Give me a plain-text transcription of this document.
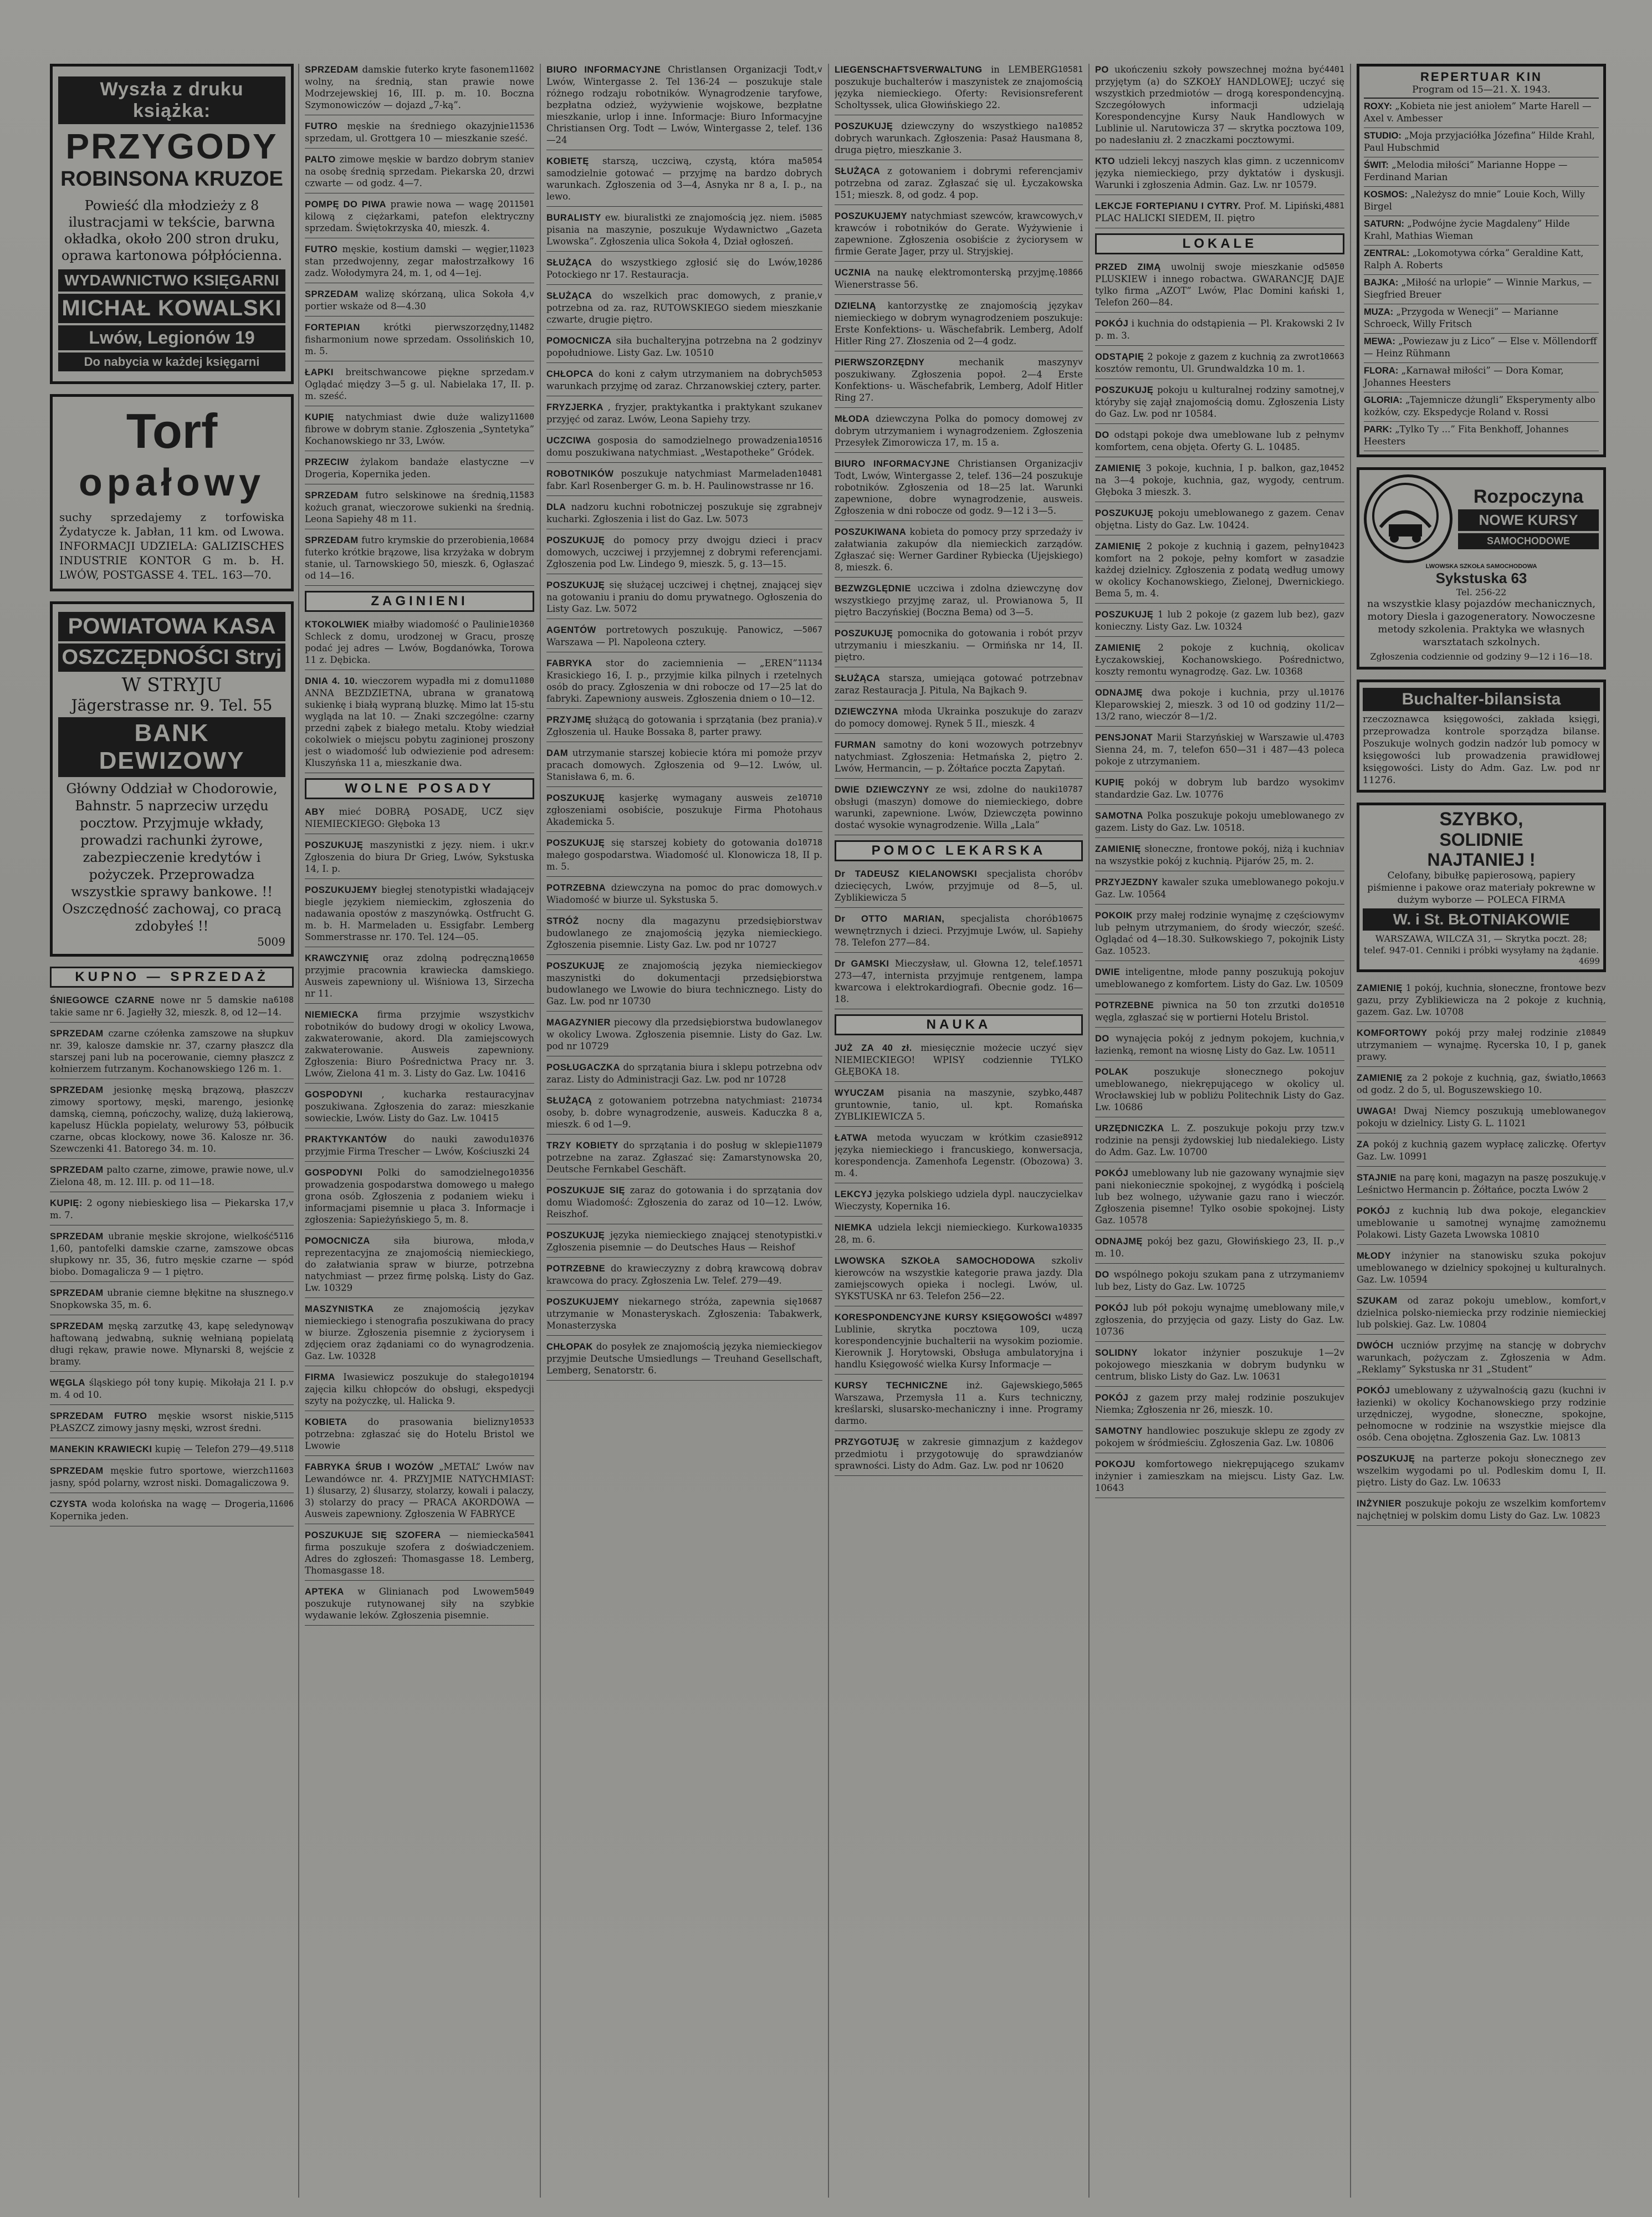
Wyszła z druku książka:
PRZYGODY
ROBINSONA KRUZOE
Powieść dla młodzieży z 8 ilustracjami w tekście, barwna okładka, około 200 stron druku, oprawa kartonowa półpłócienna.
WYDAWNICTWO KSIĘGARNI
MICHAŁ KOWALSKI
Lwów, Legionów 19
Do nabycia w każdej księgarni
Torf
opałowy
suchy sprzedajemy z torfowiska Żydatycze k. Jabłan, 11 km. od Lwowa. INFORMACJI UDZIELA: GALIZISCHES INDUSTRIE KONTOR G m. b. H. LWÓW, POSTGASSE 4. TEL. 163—70.
POWIATOWA KASA
OSZCZĘDNOŚCI Stryj
W STRYJU
Jägerstrasse nr. 9. Tel. 55
BANK DEWIZOWY
Główny Oddział w Chodorowie, Bahnstr. 5 naprzeciw urzędu pocztow. Przyjmuje wkłady, prowadzi rachunki żyrowe, zabezpieczenie kredytów i pożyczek. Przeprowadza wszystkie sprawy bankowe. !! Oszczędność zachowaj, co pracą zdobyłeś !!
5009
KUPNO — SPRZEDAŻ
6108
ŚNIEGOWCE CZARNE nowe nr 5 damskie na takie same nr 6. Jagiełły 32, mieszk. 8, od 12—14.
v
SPRZEDAM czarne czółenka zamszowe na słupku nr. 39, kalosze damskie nr. 37, czarny płaszcz dla starszej pani lub na pocerowanie, ciemny płaszcz z kołnierzem futrzanym. Kochanowskiego 126 m. 1.
v
SPRZEDAM jesionkę męską brązową, płaszcz zimowy sportowy, męski, marengo, jesionkę damską, ciemną, pończochy, walizę, dużą lakierową, kapelusz Hückla popielaty, welurowy 53, półbucik czarne, obcas klockowy, nowe 36. Kalosze nr. 36. Szewczenki 41. Batorego 34. m. 10.
v
SPRZEDAM palto czarne, zimowe, prawie nowe, ul. Zielona 48, m. 12. III. p. od 11—18.
v
KUPIĘ: 2 ogony niebieskiego lisa — Piekarska 17, m. 7.
5116
SPRZEDAM ubranie męskie skrojone, wielkość 1,60, pantofelki damskie czarne, zamszowe obcas słupkowy nr. 35, 36, futro męskie czarne — spód biobo. Domagalicza 9 — 1 piętro.
v
SPRZEDAM ubranie ciemne błękitne na słusznego. Snopkowska 35, m. 6.
v
SPRZEDAM męską zarzutkę 43, kapę seledynową haftowaną jedwabną, suknię wełnianą popielatą długi rękaw, prawie nowe. Młynarski 8, wejście z bramy.
v
WĘGLA śląskiego pół tony kupię. Mikołaja 21 I. p. m. 4 od 10.
5115
SPRZEDAM FUTRO męskie wsorst niskie, PŁASZCZ zimowy jasny męski, wzrost średni.
5118
MANEKIN KRAWIECKI kupię — Telefon 279—49.
11603
SPRZEDAM męskie futro sportowe, wierzch jasny, spód polarny, wzrost niski. Domagaliczowa 9.
11606
CZYSTA woda kolońska na wagę — Drogeria, Kopernika jeden.
11602
SPRZEDAM damskie futerko kryte fasonem wolny, na średnią, stan prawie nowe Modrzejewskiej 16, III. p. m. 10. Boczna Szymonowiczów — dojazd „7-ką”.
11536
FUTRO męskie na średniego okazyjnie sprzedam, ul. Grottgera 10 — mieszkanie sześć.
v
PALTO zimowe męskie w bardzo dobrym stanie na osobę średnią sprzedam. Piekarska 20, drzwi czwarte — od godz. 4—7.
11501
POMPĘ DO PIWA prawie nowa — wagę 20 kilową z ciężarkami, patefon elektryczny sprzedam. Świętokrzyska 40, mieszk. 4.
11023
FUTRO męskie, kostium damski — węgier, stan przedwojenny, zegar małostrzałkowy 16 zadz. Wołodymyra 24, m. 1, od 4—1ej.
v
SPRZEDAM walizę skórzaną, ulica Sokoła 4, portier wskaże od 8—4.30
11482
FORTEPIAN	krótki pierwszorzędny, fisharmonium nowe sprzedam. Ossolińskich 10, m. 5.
v
ŁAPKI breitschwancowe piękne sprzedam. Oglądać między 3—5 g. ul. Nabielaka 17, II. p. m. sześć.
11600
KUPIĘ natychmiast dwie duże walizy fibrowe w dobrym stanie. Zgłoszenia „Syntetyka” Kochanowskiego nr 33, Lwów.
v
PRZECIW żylakom bandaże elastyczne — Drogeria, Kopernika jeden.
11583
SPRZEDAM futro selskinowe na średnią, kożuch granat, wieczorowe sukienki na średnią. Leona Sapiehy 48 m 11.
10684
SPRZEDAM futro krymskie do przerobienia, futerko krótkie brązowe, lisa krzyżaka w dobrym stanie, ul. Tarnowskiego 50, mieszk. 6, Ogłaszać od 14—16.
ZAGINIENI
10360
KTOKOLWIEK miałby wiadomość o Paulinie Schleck z domu, urodzonej w Gracu, proszę podać jej adres — Lwów, Bogdanówka, Torowa 11 z. Dębicka.
11080
DNIA 4. 10. wieczorem wypadła mi z domu ANNA BEZDZIETNA, ubrana w granatową sukienkę i białą wypraną bluzkę. Mimo lat 15-stu wygląda na lat 10. — Znaki szczególne: czarny przedni ząbek z białego metalu. Ktoby wiedział cokolwiek o miejscu pobytu zaginionej proszony jest o wiadomość lub odwiezienie pod adresem: Kluszyńska 11 a, mieszkanie dwa.
WOLNE POSADY
v
ABY mieć DOBRĄ POSADĘ, UCZ się NIEMIECKIEGO: Głęboka 13
v
POSZUKUJĘ maszynistki z języ. niem. i ukr. Zgłoszenia do biura Dr Grieg, Lwów, Sykstuska 14, I. p.
v
POSZUKUJEMY biegłej stenotypistki władającej biegle językiem niemieckim, zgłoszenia do nadawania opostów z maszynówką. Ostfrucht G. m. b. H. Marmeladen u. Essigfabr. Lemberg Sommerstrasse nr. 170. Tel. 124—05.
10650
KRAWCZYNIĘ oraz zdolną podręczną przyjmie pracownia krawiecka damskiego. Ausweis zapewniony ul. Wiśniowa 13, Sirzecha nr 11.
v
NIEMIECKA firma przyjmie wszystkich robotników do budowy drogi w okolicy Lwowa, zakwaterowanie, akord. Dla zamiejscowych zakwaterowanie. Ausweis zapewniony. Zgłoszenia: Biuro Pośrednictwa Pracy nr. 3. Lwów, Zielona 41 m. 3. Listy do Gaz. Lw. 10416
v
GOSPODYNI , kucharka restauracyjna poszukiwana. Zgłoszenia do zaraz: mieszkanie sowieckie, Lwów. Listy do Gaz. Lw. 10415
10376
PRAKTYKANTÓW do nauki zawodu przyjmie Firma Trescher — Lwów, Kościuszki 24
10356
GOSPODYNI Polki do samodzielnego prowadzenia gospodarstwa domowego u małego grona osób. Zgłoszenia z podaniem wieku i informacjami pisemnie u płaca 3. Informacje i zgłoszenia: Sapieżyńskiego 5, m. 8.
v
POMOCNICZA	siła biurowa, młoda, reprezentacyjna ze znajomością niemieckiego, do załatwiania spraw w biurze, potrzebna natychmiast — przez firmę polską. Listy do Gaz. Lw. 10329
v
MASZYNISTKA ze znajomością języka niemieckiego i stenografia poszukiwana do pracy w biurze. Zgłoszenia pisemnie z życiorysem i zdjęciem oraz żądaniami co do wynagrodzenia. Gaz. Lw. 10328
10194
FIRMA Iwasiewicz poszukuje do stałego zajęcia kilku chłopców do obsługi, ekspedycji szyty na pożyczkę, ul. Halicka 9.
10533
KOBIETA do prasowania bielizny potrzebna: zgłaszać się do Hotelu Bristol we Lwowie
v
FABRYKA ŚRUB I WOZÓW „METAL” Lwów na Lewandówce nr. 4. PRZYJMIE NATYCHMIAST: 1) ślusarzy, 2) ślusarzy, stolarzy, kowali i palaczy, 3) stolarzy do pracy — PRACA AKORDOWA — Ausweis zapewniony. Zgłoszenia W FABRYCE
5041
POSZUKUJE SIĘ SZOFERA — niemiecka firma poszukuje szofera z doświadczeniem. Adres do zgłoszeń: Thomasgasse 18. Lemberg, Thomasgasse 18.
5049
APTEKA w Glinianach pod Lwowem poszukuje rutynowanej siły na szybkie wydawanie leków. Zgłoszenia pisemnie.
v
BIURO INFORMACYJNE Christlansen Organizacji Todt, Lwów, Wintergasse 2. Tel 136-24 — poszukuje stale różnego rodzaju robotników. Wynagrodzenie taryfowe, bezpłatna odzież, wyżywienie wojskowe, bezpłatne mieszkanie, urlop i inne. Informacje: Biuro Informacyjne Christiansen Org. Todt — Lwów, Wintergasse 2, telef. 136—24
5054
KOBIETĘ starszą, uczciwą, czystą, która ma samodzielnie gotować — przyjmę na bardzo dobrych warunkach. Zgłoszenia od 3—4, Asnyka nr 8 a, I. p., na lewo.
5085
BURALISTY ew. biuralistki ze znajomością jęz. niem. i pisania na maszynie, poszukuje Wydawnictwo „Gazeta Lwowska”. Zgłoszenia ulica Sokoła 4, Dział ogłoszeń.
10286
SŁUŻĄCA do wszystkiego zgłosić się do Lwów, Potockiego nr 17. Restauracja.
v
SŁUŻĄCA do wszelkich prac domowych, z pranie, potrzebna od za. raz, RUTOWSKIEGO siedem mieszkanie czwarte, drugie piętro.
v
POMOCNICZA siła buchalteryjna potrzebna na 2 godziny popołudniowe. Listy Gaz. Lw. 10510
5053
CHŁOPCA do koni z całym utrzymaniem na dobrych warunkach przyjmę od zaraz. Chrzanowskiej cztery, parter.
v
FRYZJERKA , fryzjer, praktykantka i praktykant szukane przyjęć od zaraz. Lwów, Leona Sapiehy trzy.
10516
UCZCIWA gosposia do samodzielnego prowadzenia domu poszukiwana natychmiast. „Westapotheke” Gródek.
10481
ROBOTNIKÓW poszukuje natychmiast Marmeladen fabr. Karl Rosenberger G. m. b. H. Paulinowstrasse nr 16.
v
DLA nadzoru kuchni robotniczej poszukuje się zgrabnej kucharki. Zgłoszenia i list do Gaz. Lw. 5073
v
POSZUKUJĘ do pomocy przy dwojgu dzieci i prac domowych, uczciwej i przyjemnej z dobrymi referencjami. Zgłoszenia pod Lw. Lindego 9, mieszk. 5, g. 13—15.
v
POSZUKUJĘ się służącej uczciwej i chętnej, znającej się na gotowaniu i praniu do domu prywatnego. Ogłoszenia do Listy Gaz. Lw. 5072
5067
AGENTÓW portretowych poszukuję. Panowicz, — Warszawa — Pl. Napoleona cztery.
11134
FABRYKA stor do zaciemnienia — „EREN” Krasickiego 16, I. p., przyjmie kilka pilnych i rzetelnych osób do pracy. Zgłoszenia w dni robocze od 17—25 lat do fabryki. Zapewniony ausweis. Zgłoszenia dniem o 10—12.
v
PRZYJMĘ służącą do gotowania i sprzątania (bez prania). Zgłoszenia ul. Hauke Bossaka 8, parter prawy.
v
DAM utrzymanie starszej kobiecie która mi pomoże przy pracach domowych. Zgłoszenia od 9—12. Lwów, ul. Stanisława 6, m. 6.
10710
POSZUKUJĘ kasjerkę wymagany ausweis ze zgłoszeniami osobiście, poszukuje Firma Photohaus Akademicka 5.
10718
POSZUKUJĘ się starszej kobiety do gotowania do małego gospodarstwa. Wiadomość ul. Klonowicza 18, II p. m. 5.
v
POTRZEBNA dziewczyna na pomoc do prac domowych. Wiadomość w biurze ul. Sykstuska 5.
v
STRÓŻ nocny dla magazynu przedsiębiorstwa budowlanego ze znajomością języka niemieckiego. Zgłoszenia pisemnie. Listy Gaz. Lw. pod nr 10727
v
POSZUKUJĘ ze znajomością języka niemieckiego maszynistki do dokumentacji przedsiębiorstwa budowlanego we Lwowie do biura technicznego. Listy do Gaz. Lw. pod nr 10730
v
MAGAZYNIER piecowy dla przedsiębiorstwa budowlanego w okolicy Lwowa. Zgłoszenia pisemnie. Listy do Gaz. Lw. pod nr 10729
v
POSŁUGACZKA do sprzątania biura i sklepu potrzebna od zaraz. Listy do Administracji Gaz. Lw. pod nr 10728
10734
SŁUŻĄCĄ z gotowaniem potrzebna natychmiast: 2 osoby, b. dobre wynagrodzenie, ausweis. Kaduczka 8 a, mieszk. 6 od 1—9.
11079
TRZY KOBIETY do sprzątania i do posług w sklepie potrzebne na zaraz. Zgłaszać się: Zamarstynowska 20, Deutsche Fernkabel Geschäft.
v
POSZUKUJE SIĘ zaraz do gotowania i do sprzątania do domu Wiadomość: Zgłoszenia do zaraz od 10—12. Lwów, Reiszhof.
v
POSZUKUJĘ języka niemieckiego znającej stenotypistki. Zgłoszenia pisemnie — do Deutsches Haus — Reishof
v
POTRZEBNE do krawieczyzny z dobrą krawcową dobra krawcowa do pracy. Zgłoszenia Lw. Telef. 279—49.
10687
POSZUKUJEMY niekarnego stróża, zapewnia się utrzymanie w Monasteryskach. Zgłoszenia: Tabakwerk, Monasterzyska
v
CHŁOPAK do posyłek ze znajomością języka niemieckiego przyjmie Deutsche Umsiedlungs — Treuhand Gesellschaft, Lemberg, Senatorstr. 6.
10581
LIEGENSCHAFTSVERWALTUNG in LEMBERG poszukuje buchalterów i maszynistek ze znajomością języka niemieckiego. Oferty: Revisionsreferent Scholtyssek, ulica Głowińskiego 22.
10852
POSZUKUJĘ dziewczyny do wszystkiego na dobrych warunkach. Zgłoszenia: Pasaż Hausmana 8, druga piętro, mieszkanie 3.
v
SŁUŻĄCA z gotowaniem i dobrymi referencjami potrzebna od zaraz. Zgłaszać się ul. Łyczakowska 151; mieszk. 8, od godz. 4 pop.
v
POSZUKUJEMY natychmiast szewców, krawcowych, krawców i robotników do Gerate. Wyżywienie i zapewnione. Zgłoszenia osobiście z życiorysem w firmie Gerate Jager, przy ul. Stryjskiej.
10866
UCZNIA na naukę elektromonterską przyjmę. Wienerstrasse 56.
v
DZIELNĄ kantorzystkę ze znajomością języka niemieckiego w dobrym wynagrodzeniem poszukuje: Erste Konfektions- u. Wäschefabrik. Lemberg, Adolf Hitler Ring 27. Złoszenia od 2—4 godz.
v
PIERWSZORZĘDNY	mechanik maszyny poszukiwany. Zgłoszenia popoł. 2—4 Erste Konfektions- u. Wäschefabrik, Lemberg, Adolf Hitler Ring 27.
v
MŁODA dziewczyna Polka do pomocy domowej z dobrym utrzymaniem i wynagrodzeniem. Zgłoszenia Przesyłek Zimorowicza 17, m. 15 a.
v
BIURO INFORMACYJNE Christiansen Organizacji Todt, Lwów, Wintergasse 2, telef. 136—24 poszukuje robotników. Zgłoszenia od 18—25 lat. Warunki zapewnione, dobre wynagrodzenie, ausweis. Zgłoszenia w dni robocze od godz. 9—12 i 3—5.
v
POSZUKIWANA kobieta do pomocy przy sprzedaży i załatwiania zakupów dla niemieckich zarządów. Zgłaszać się: Werner Gardiner Rybiecka (Ujejskiego) 8, mieszk. 6.
v
BEZWZGLĘDNIE uczciwa i zdolna dziewczynę do wszystkiego przyjmę zaraz, ul. Prowianowa 5, II piętro Baczyńskiej (Boczna Bema) od 3—5.
v
POSZUKUJĘ pomocnika do gotowania i robót przy utrzymaniu i mieszkaniu. — Ormińska nr 14, II. piętro.
v
SŁUŻĄCA starsza, umiejąca gotować potrzebna zaraz Restauracja J. Pitula, Na Bajkach 9.
v
DZIEWCZYNA młoda Ukrainka poszukuje do zaraz do pomocy domowej. Rynek 5 II., mieszk. 4
v
FURMAN samotny do koni wozowych potrzebny natychmiast. Zgłoszenia: Hetmańska 2, piętro 2. Lwów, Hermancin, — p. Żółtańce poczta Zapytań.
10787
DWIE DZIEWCZYNY ze wsi, zdolne do nauki obsługi (maszyn) domowe do niemieckiego, dobre warunki, zapewnione. Lwów, Dziewczęta powinno dostać wysokie wynagrodzenie. Willa „Lala”
POMOC LEKARSKA
v
Dr TADEUSZ KIELANOWSKI specjalista chorób dziecięcych, Lwów, przyjmuje od 8—5, ul. Zyblikiewicza 5
10675
Dr OTTO MARIAN, specjalista chorób wewnętrznych i dzieci. Przyjmuje Lwów, ul. Sapiehy 78. Telefon 277—84.
10571
Dr GAMSKI Mieczysław, ul. Głowna 12, telef. 273—47, internista przyjmuje rentgenem, lampa kwarcowa i elektrokardiografi. Obecnie godz. 16—18.
NAUKA
v
JUŻ ZA 40 zł. miesięcznie możecie uczyć się NIEMIECKIEGO! WPISY codziennie TYLKO GŁĘBOKA 18.
4487
WYUCZAM pisania na maszynie, szybko, gruntownie, tanio, ul. kpt. Romańska ZYBLIKIEWICZA 5.
8912
ŁATWA metoda wyuczam w krótkim czasie języka niemieckiego i francuskiego, konwersacja, korespondencja. Zamenhofa Legenstr. (Obozowa) 3. m. 4.
v
LEKCYJ języka polskiego udziela dypl. nauczycielka Wieczysty, Kopernika 16.
10335
NIEMKA udziela lekcji niemieckiego. Kurkowa 28, m. 6.
v
LWOWSKA SZKOŁA SAMOCHODOWA szkoli kierowców na wszystkie kategorie prawa jazdy. Dla zamiejscowych opieka i noclegi. Lwów, ul. SYKSTUSKA nr 63. Telefon 256—22.
4897
KORESPONDENCYJNE KURSY KSIĘGOWOŚCI w Lublinie, skrytka pocztowa 109, uczą korespondencyjnie buchalterii na wysokim poziomie. Kierownik J. Horytowski, Obsługa ambulatoryjna i handlu Księgowość wielka Kursy Informacje —
5065
KURSY TECHNICZNE inż. Gajewskiego, Warszawa, Przemysła 11 a. Kurs techniczny, kreślarski, slusarsko-mechaniczny i inne. Programy darmo.
v
PRZYGOTUJĘ w zakresie gimnazjum z każdego przedmiotu i przygotowuję do sprawdzianów sprawności. Listy do Adm. Gaz. Lw. pod nr 10620
4401
PO ukończeniu szkoły powszechnej można być przyjętym (a) do SZKOŁY HANDLOWEJ; uczyć się wszystkich przedmiotów — drogą korespondencyjną. Szczegółowych informacji udzielają Korespondencyjne Kursy Nauk Handlowych w Lublinie ul. Narutowicza 37 — skrytka pocztowa 109, po nadesłaniu zł. 2 znaczkami pocztowymi.
v
KTO udzieli lekcyj naszych klas gimn. z uczennicom języka niemieckiego, przy dyktatów i dyskusji. Warunki i zgłoszenia Admin. Gaz. Lw. nr 10579.
4881
LEKCJE FORTEPIANU I CYTRY. Prof. M. Lipiński, PLAC HALICKI SIEDEM, II. piętro
LOKALE
5050
PRZED ZIMĄ uwolnij swoje mieszkanie od PLUSKIEW i innego robactwa. GWARANCJĘ DAJE tylko firma „AZOT” Lwów, Plac Domini kański 1, Telefon 260—84.
v
POKÓJ i kuchnia do odstąpienia — Pl. Krakowski 2 I p. m. 3.
10663
ODSTĄPIĘ 2 pokoje z gazem z kuchnią za zwrot kosztów remontu, Ul. Grundwaldzka 10 m. 1.
v
POSZUKUJĘ pokoju u kulturalnej rodziny samotnej, któryby się zajął znajomością domu. Zgłoszenia Listy do Gaz. Lw. pod nr 10584.
v
DO odstąpi pokoje dwa umeblowane lub z pełnym komfortem, cena objęta. Oferty G. L. 10485.
10452
ZAMIENIĘ 3 pokoje, kuchnia, I p. balkon, gaz, na 3—4 pokoje, kuchnia, gaz, wygody, centrum. Głęboka 3 mieszk. 3.
v
POSZUKUJĘ pokoju umeblowanego z gazem. Cena objętna. Listy do Gaz. Lw. 10424.
10423
ZAMIENIĘ 2 pokoje z kuchnią i gazem, pełny komfort na 2 pokoje, pełny komfort w zasadzie każdej dzielnicy. Zgłoszenia z podatą według umowy w okolicy Kochanowskiego, Zielonej, Dwernickiego. Bema 5, m. 4.
v
POSZUKUJĘ 1 lub 2 pokoje (z gazem lub bez), gaz konieczny. Listy Gaz. Lw. 10324
v
ZAMIENIĘ 2 pokoje z kuchnią, okolica Łyczakowskiej, Kochanowskiego. Pośrednictwo, koszty remontu wynagrodzę. Gaz. Lw. 10368
10176
ODNAJMĘ dwa pokoje i kuchnia, przy ul. Kleparowskiej 2, mieszk. 3 od 10 od godziny 11/2—13/2 rano, wieczór 8—1/2.
4703
PENSJONAT Marii Starzyńskiej w Warszawie ul. Sienna 24, m. 7, telefon 650—31 i 487—43 poleca pokoje z utrzymaniem.
v
KUPIĘ pokój w dobrym lub bardzo wysokim standardzie Gaz. Lw. 10776
v
SAMOTNA Polka poszukuje pokoju umeblowanego z gazem. Listy do Gaz. Lw. 10518.
v
ZAMIENIĘ słoneczne, frontowe pokój, niżą i kuchnia na wszystkie pokój z kuchnią. Pijarów 25, m. 2.
v
PRZYJEZDNY kawaler szuka umeblowanego pokoju. Gaz. Lw. 10564
v
POKOIK przy małej rodzinie wynajmę z częściowym lub pełnym utrzymaniem, do środy wieczór, sześć. Oglądać od 4—18.30. Sułkowskiego 7, pokojnik Listy Gaz. 10523.
v
DWIE inteligentne, młode panny poszukują pokoju umeblowanego z komfortem. Listy do Gaz. Lw. 10509
10510
POTRZEBNE piwnica na 50 ton zrzutki do węgla, zgłaszać się w portierni Hotelu Bristol.
v
DO wynajęcia pokój z jednym pokojem, kuchnia, łazienką, remont na wiosnę Listy do Gaz. Lw. 10511
v
POLAK	poszukuje słonecznego pokoju umeblowanego, niekrępującego w okolicy ul. Wrocławskiej lub w pobliżu Politechnik Listy do Gaz. Lw. 10686
v
URZĘDNICZKA L. Z. poszukuje pokoju przy tzw. rodzinie na pensji żydowskiej lub niedalekiego. Listy do Adm. Gaz. Lw. 10700
v
POKÓJ umeblowany lub nie gazowany wynajmie się pani niekoniecznie spokojnej, z wygódką i pościelą lub bez wolnego, używanie gazu rano i wieczór. Zgłoszenia pisemne! Tylko osobie spokojnej. Listy Gaz. 10578
v
ODNAJMĘ pokój bez gazu, Głowińskiego 23, II. p., m. 10.
v
DO wspólnego pokoju szukam pana z utrzymaniem lub bez, Listy do Gaz. Lw. 10725
v
POKÓJ lub pół pokoju wynajmę umeblowany mile, zgłoszenia, do przyjęcia od gazy. Listy do Gaz. Lw. 10736
v
SOLIDNY lokator inżynier poszukuje 1—2 pokojowego mieszkania w dobrym budynku w centrum, blisko Listy do Gaz. Lw. 10631
v
POKÓJ z gazem przy małej rodzinie poszukuje Niemka; Zgłoszenia nr 26, mieszk. 10.
v
SAMOTNY handlowiec poszukuje sklepu ze zgody z pokojem w śródmieściu. Zgłoszenia Gaz. Lw. 10806
v
POKOJU komfortowego niekrępującego szukam inżynier i zamieszkam na miejscu. Listy Gaz. Lw. 10643
REPERTUAR KIN
Program od 15—21. X. 1943.
ROXY: „Kobieta nie jest aniołem” Marte Harell — Axel v. Ambesser
STUDIO: „Moja przyjaciółka Józefina” Hilde Krahl, Paul Hubschmid
ŚWIT: „Melodia miłości” Marianne Hoppe — Ferdinand Marian
KOSMOS: „Należysz do mnie” Louie Koch, Willy Birgel
SATURN: „Podwójne życie Magdaleny” Hilde Krahl, Mathias Wieman
ZENTRAL: „Lokomotywa córka” Geraldine Katt, Ralph A. Roberts
BAJKA: „Miłość na urlopie” — Winnie Markus, — Siegfried Breuer
MUZA: „Przygoda w Wenecji” — Marianne Schroeck, Willy Fritsch
MEWA: „Powiezaw ju z Lico” — Else v. Möllendorff — Heinz Rühmann
FLORA: „Karnawał miłości” — Dora Komar, Johannes Heesters
GLORIA: „Tajemnicze dżungli” Eksperymenty albo kożków, czy. Ekspedycje Roland v. Rossi
PARK: „Tylko Ty ...” Fita Benkhoff, Johannes Heesters
Rozpoczyna
NOWE KURSY
SAMOCHODOWE
LWOWSKA SZKOŁA SAMOCHODOWA
Sykstuska 63
Tel. 256-22
na wszystkie klasy pojazdów mechanicznych, motory Diesla i gazogeneratory. Nowoczesne metody szkolenia. Praktyka we własnych warsztatach szkolnych.
Zgłoszenia codziennie od godziny 9—12 i 16—18.
Buchalter-bilansista
rzeczoznawca księgowości, zakłada księgi, przeprowadza kontrole sporządza bilanse. Poszukuje wolnych godzin nadzór lub pomocy w księgowości lub prowadzenia prawidłowej księgowości. Listy do Adm. Gaz. Lw. pod nr 11276.
SZYBKO,
SOLIDNIE
NAJTANIEJ !
Celofany, bibułkę papierosową, papiery piśmienne i pakowe oraz materiały pokrewne w dużym wyborze — POLECA FIRMA
W. i St. BŁOTNIAKOWIE
WARSZAWA, WILCZA 31, — Skrytka poczt. 28; telef. 947-01. Cenniki i próbki wysyłamy na żądanie.
4699
v
ZAMIENIĘ 1 pokój, kuchnia, słoneczne, frontowe bez gazu, przy Zyblikiewicza na 2 pokoje z kuchnią, gazem. Gaz. Lw. 10708
10849
KOMFORTOWY pokój przy małej rodzinie z utrzymaniem — wynajmę. Rycerska 10, I p, ganek prawy.
10663
ZAMIENIĘ za 2 pokoje z kuchnią, gaz, światło, od godz. 2 do 5, ul. Boguszewskiego 10.
v
UWAGA! Dwaj Niemcy poszukują umeblowanego pokoju w dzielnicy. Listy G. L. 11021
v
ZA pokój z kuchnią gazem wypłacę zaliczkę. Oferty Gaz. Lw. 10991
v
STAJNIE na parę koni, magazyn na paszę poszukuję. Leśnictwo Hermancin p. Żółtańce, poczta Lwów 2
v
POKÓJ z kuchnią lub dwa pokoje, eleganckie umeblowanie u samotnej wynajmę zamożnemu Polakowi. Listy Gazeta Lwowska 10810
v
MŁODY inżynier na stanowisku szuka pokoju umeblowanego w dzielnicy spokojnej u kulturalnych. Gaz. Lw. 10594
v
SZUKAM od zaraz pokoju umeblow., komfort, dzielnica polsko-niemiecka przy rodzinie niemieckiej lub polskiej. Gaz. Lw. 10804
v
DWÓCH uczniów przyjmę na stancję w dobrych warunkach, pożyczam z. Zgłoszenia w Adm. „Reklamy” Sykstuska nr 31 „Student”
v
POKÓJ umeblowany z używalnością gazu (kuchni i łazienki) w okolicy Kochanowskiego przy rodzinie urzędniczej, wygodne, słoneczne, spokojne, pełnomocne w rodzinie na wszystkie miejsce dla osób. Cena obojętna. Zgłoszenia Gaz. Lw. 10813
v
POSZUKUJĘ na parterze pokoju słonecznego ze wszelkim wygodami po ul. Podleskim domu I, II. piętro. Listy do Gaz. Lw. 10633
v
INŻYNIER poszukuje pokoju ze wszelkim komfortem najchętniej w polskim domu Listy do Gaz. Lw. 10823
